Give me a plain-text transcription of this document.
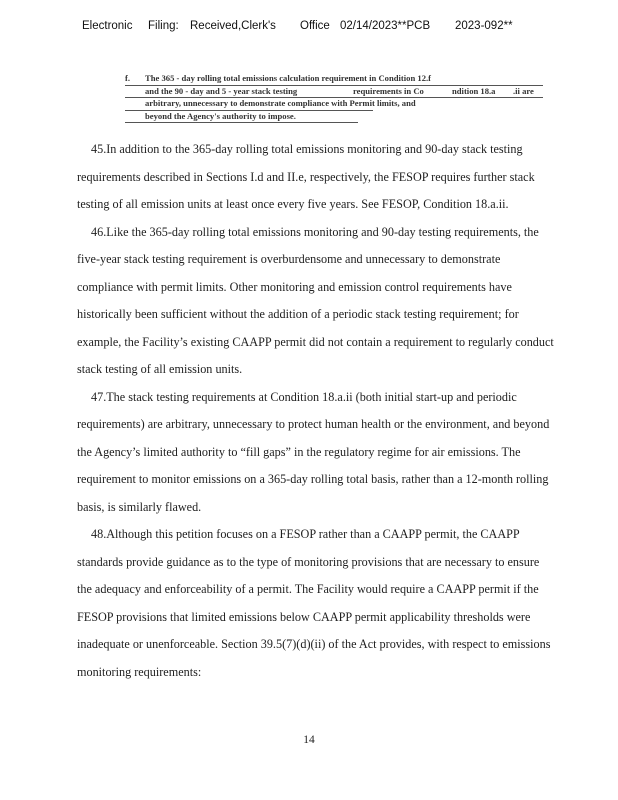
Electronic Filing: Received,Clerk's Office 02/14/2023**PCB 2023-092**
f. The 365 - day rolling total emissions calculation requirement in Condition 12.f
and the 90 - day and 5 - year stack testing	requirements in Co	ndition 18.a .ii are
arbitrary, unnecessary to demonstrate compliance with Permit limits, and
beyond the Agency's authority to impose.

45.In addition to the 365-day rolling total emissions monitoring and 90-day stack testing
requirements described in Sections I.d and II.e, respectively, the FESOP requires further stack
testing of all emission units at least once every five years. See FESOP, Condition 18.a.ii.

46.Like the 365-day rolling total emissions monitoring and 90-day testing requirements, the
five-year stack testing requirement is overburdensome and unnecessary to demonstrate
compliance with permit limits. Other monitoring and emission control requirements have
historically been sufficient without the addition of a periodic stack testing requirement; for
example, the Facility’s existing CAAPP permit did not contain a requirement to regularly conduct
stack testing of all emission units.

47.The stack testing requirements at Condition 18.a.ii (both initial start-up and periodic
requirements) are arbitrary, unnecessary to protect human health or the environment, and beyond
the Agency’s limited authority to “fill gaps” in the regulatory regime for air emissions. The
requirement to monitor emissions on a 365-day rolling total basis, rather than a 12-month rolling
basis, is similarly flawed.

48.Although this petition focuses on a FESOP rather than a CAAPP permit, the CAAPP
standards provide guidance as to the type of monitoring provisions that are necessary to ensure
the adequacy and enforceability of a permit. The Facility would require a CAAPP permit if the
FESOP provisions that limited emissions below CAAPP permit applicability thresholds were
inadequate or unenforceable. Section 39.5(7)(d)(ii) of the Act provides, with respect to emissions
monitoring requirements:

14
